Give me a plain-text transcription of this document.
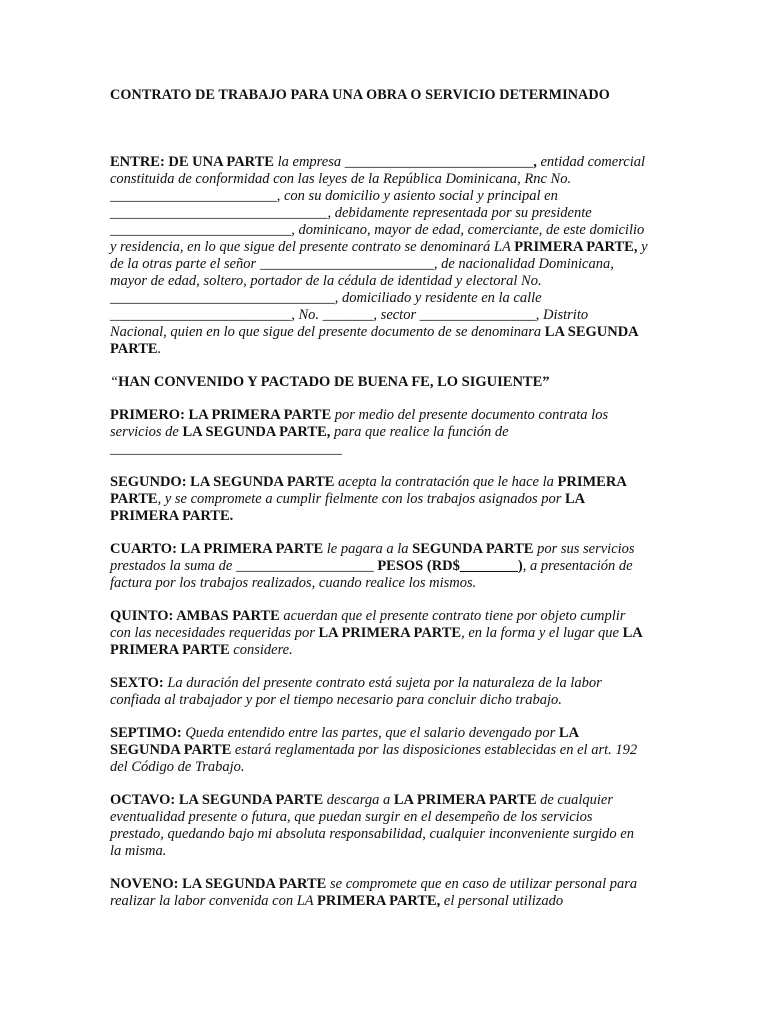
CONTRATO DE TRABAJO PARA UNA OBRA O SERVICIO DETERMINADO

ENTRE: DE UNA PARTE la empresa __________________________, entidad comercial constituida de conformidad con las leyes de la República Dominicana, Rnc No. _______________________, con su domicilio y asiento social y principal en ______________________________, debidamente representada por su presidente _________________________, dominicano, mayor de edad, comerciante, de este domicilio y residencia, en lo que sigue del presente contrato se denominará LA PRIMERA PARTE, y de la otras parte el señor ________________________, de nacionalidad Dominicana, mayor de edad, soltero, portador de la cédula de identidad y electoral No. _______________________________, domiciliado y residente en la calle _________________________, No. _______, sector ________________, Distrito Nacional, quien en lo que sigue del presente documento de se denominara LA SEGUNDA PARTE.

“HAN CONVENIDO Y PACTADO DE BUENA FE, LO SIGUIENTE”

PRIMERO: LA PRIMERA PARTE por medio del presente documento contrata los servicios de LA SEGUNDA PARTE, para que realice la función de
________________________________

SEGUNDO: LA SEGUNDA PARTE acepta la contratación que le hace la PRIMERA PARTE, y se compromete a cumplir fielmente con los trabajos asignados por LA PRIMERA PARTE.

CUARTO: LA PRIMERA PARTE le pagara a la SEGUNDA PARTE por sus servicios prestados la suma de ___________________ PESOS (RD$________), a presentación de factura por los trabajos realizados, cuando realice los mismos.

QUINTO: AMBAS PARTE acuerdan que el presente contrato tiene por objeto cumplir con las necesidades requeridas por LA PRIMERA PARTE, en la forma y el lugar que LA PRIMERA PARTE considere.

SEXTO: La duración del presente contrato está sujeta por la naturaleza de la labor confiada al trabajador y por el tiempo necesario para concluir dicho trabajo.

SEPTIMO: Queda entendido entre las partes, que el salario devengado por LA SEGUNDA PARTE estará reglamentada por las disposiciones establecidas en el art. 192 del Código de Trabajo.

OCTAVO: LA SEGUNDA PARTE descarga a LA PRIMERA PARTE de cualquier eventualidad presente o futura, que puedan surgir en el desempeño de los servicios prestado, quedando bajo mi absoluta responsabilidad, cualquier inconveniente surgido en la misma.

NOVENO: LA SEGUNDA PARTE se compromete que en caso de utilizar personal para realizar la labor convenida con LA PRIMERA PARTE, el personal utilizado
